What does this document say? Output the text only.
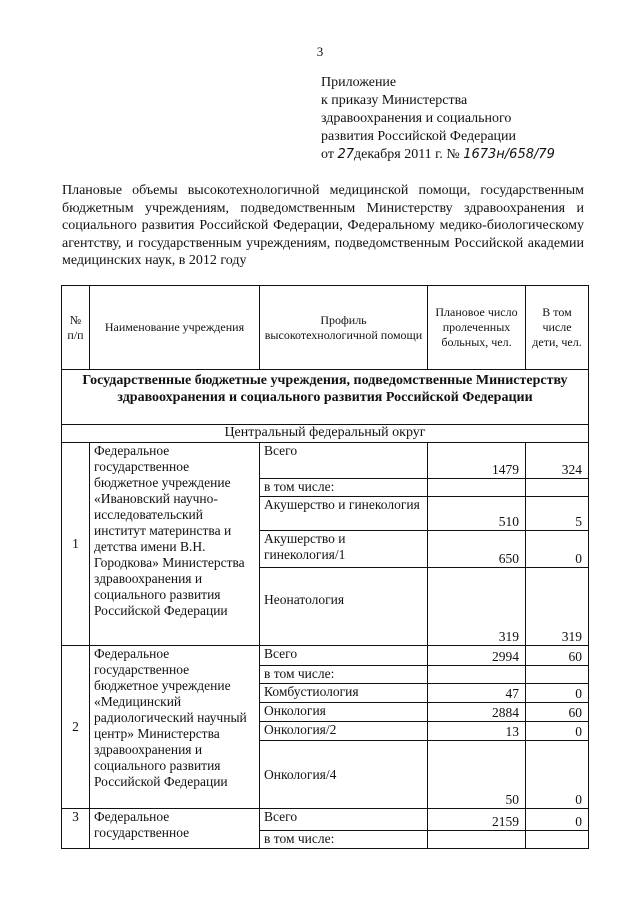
3
Приложение
к приказу Министерства
здравоохранения и социального
развития Российской Федерации
от 27декабря 2011 г. № 1673н/658/79
Плановые объемы высокотехнологичной медицинской помощи, государственным бюджетным учреждениям, подведомственным Министерству здравоохранения и социального развития Российской Федерации, Федеральному медико-биологическому агентству, и государственным учреждениям, подведомственным Российской академии медицинских наук, в 2012 году
№ п/п	Наименование учреждения	Профиль высокотехнологичной помощи	Плановое число пролеченных больных, чел.	В том числе дети, чел.
Государственные бюджетные учреждения, подведомственные Министерству здравоохранения и социального развития Российской Федерации				
Центральный федеральный округ				
1	Федеральное государственное бюджетное учреждение «Ивановский научно-исследовательский институт материнства и детства имени В.Н. Городкова» Министерства здравоохранения и социального развития Российской Федерации	Всего	1479	324
		в том числе:		
		Акушерство и гинекология	510	5
		Акушерство и гинекология/1	650	0
		Неонатология	319	319
2	Федеральное государственное бюджетное учреждение «Медицинский радиологический научный центр» Министерства здравоохранения и социального развития Российской Федерации	Всего	2994	60
		в том числе:		
		Комбустиология	47	0
		Онкология	2884	60
		Онкология/2	13	0
		Онкология/4	50	0
3	Федеральное государственное	Всего	2159	0
		в том числе:		
